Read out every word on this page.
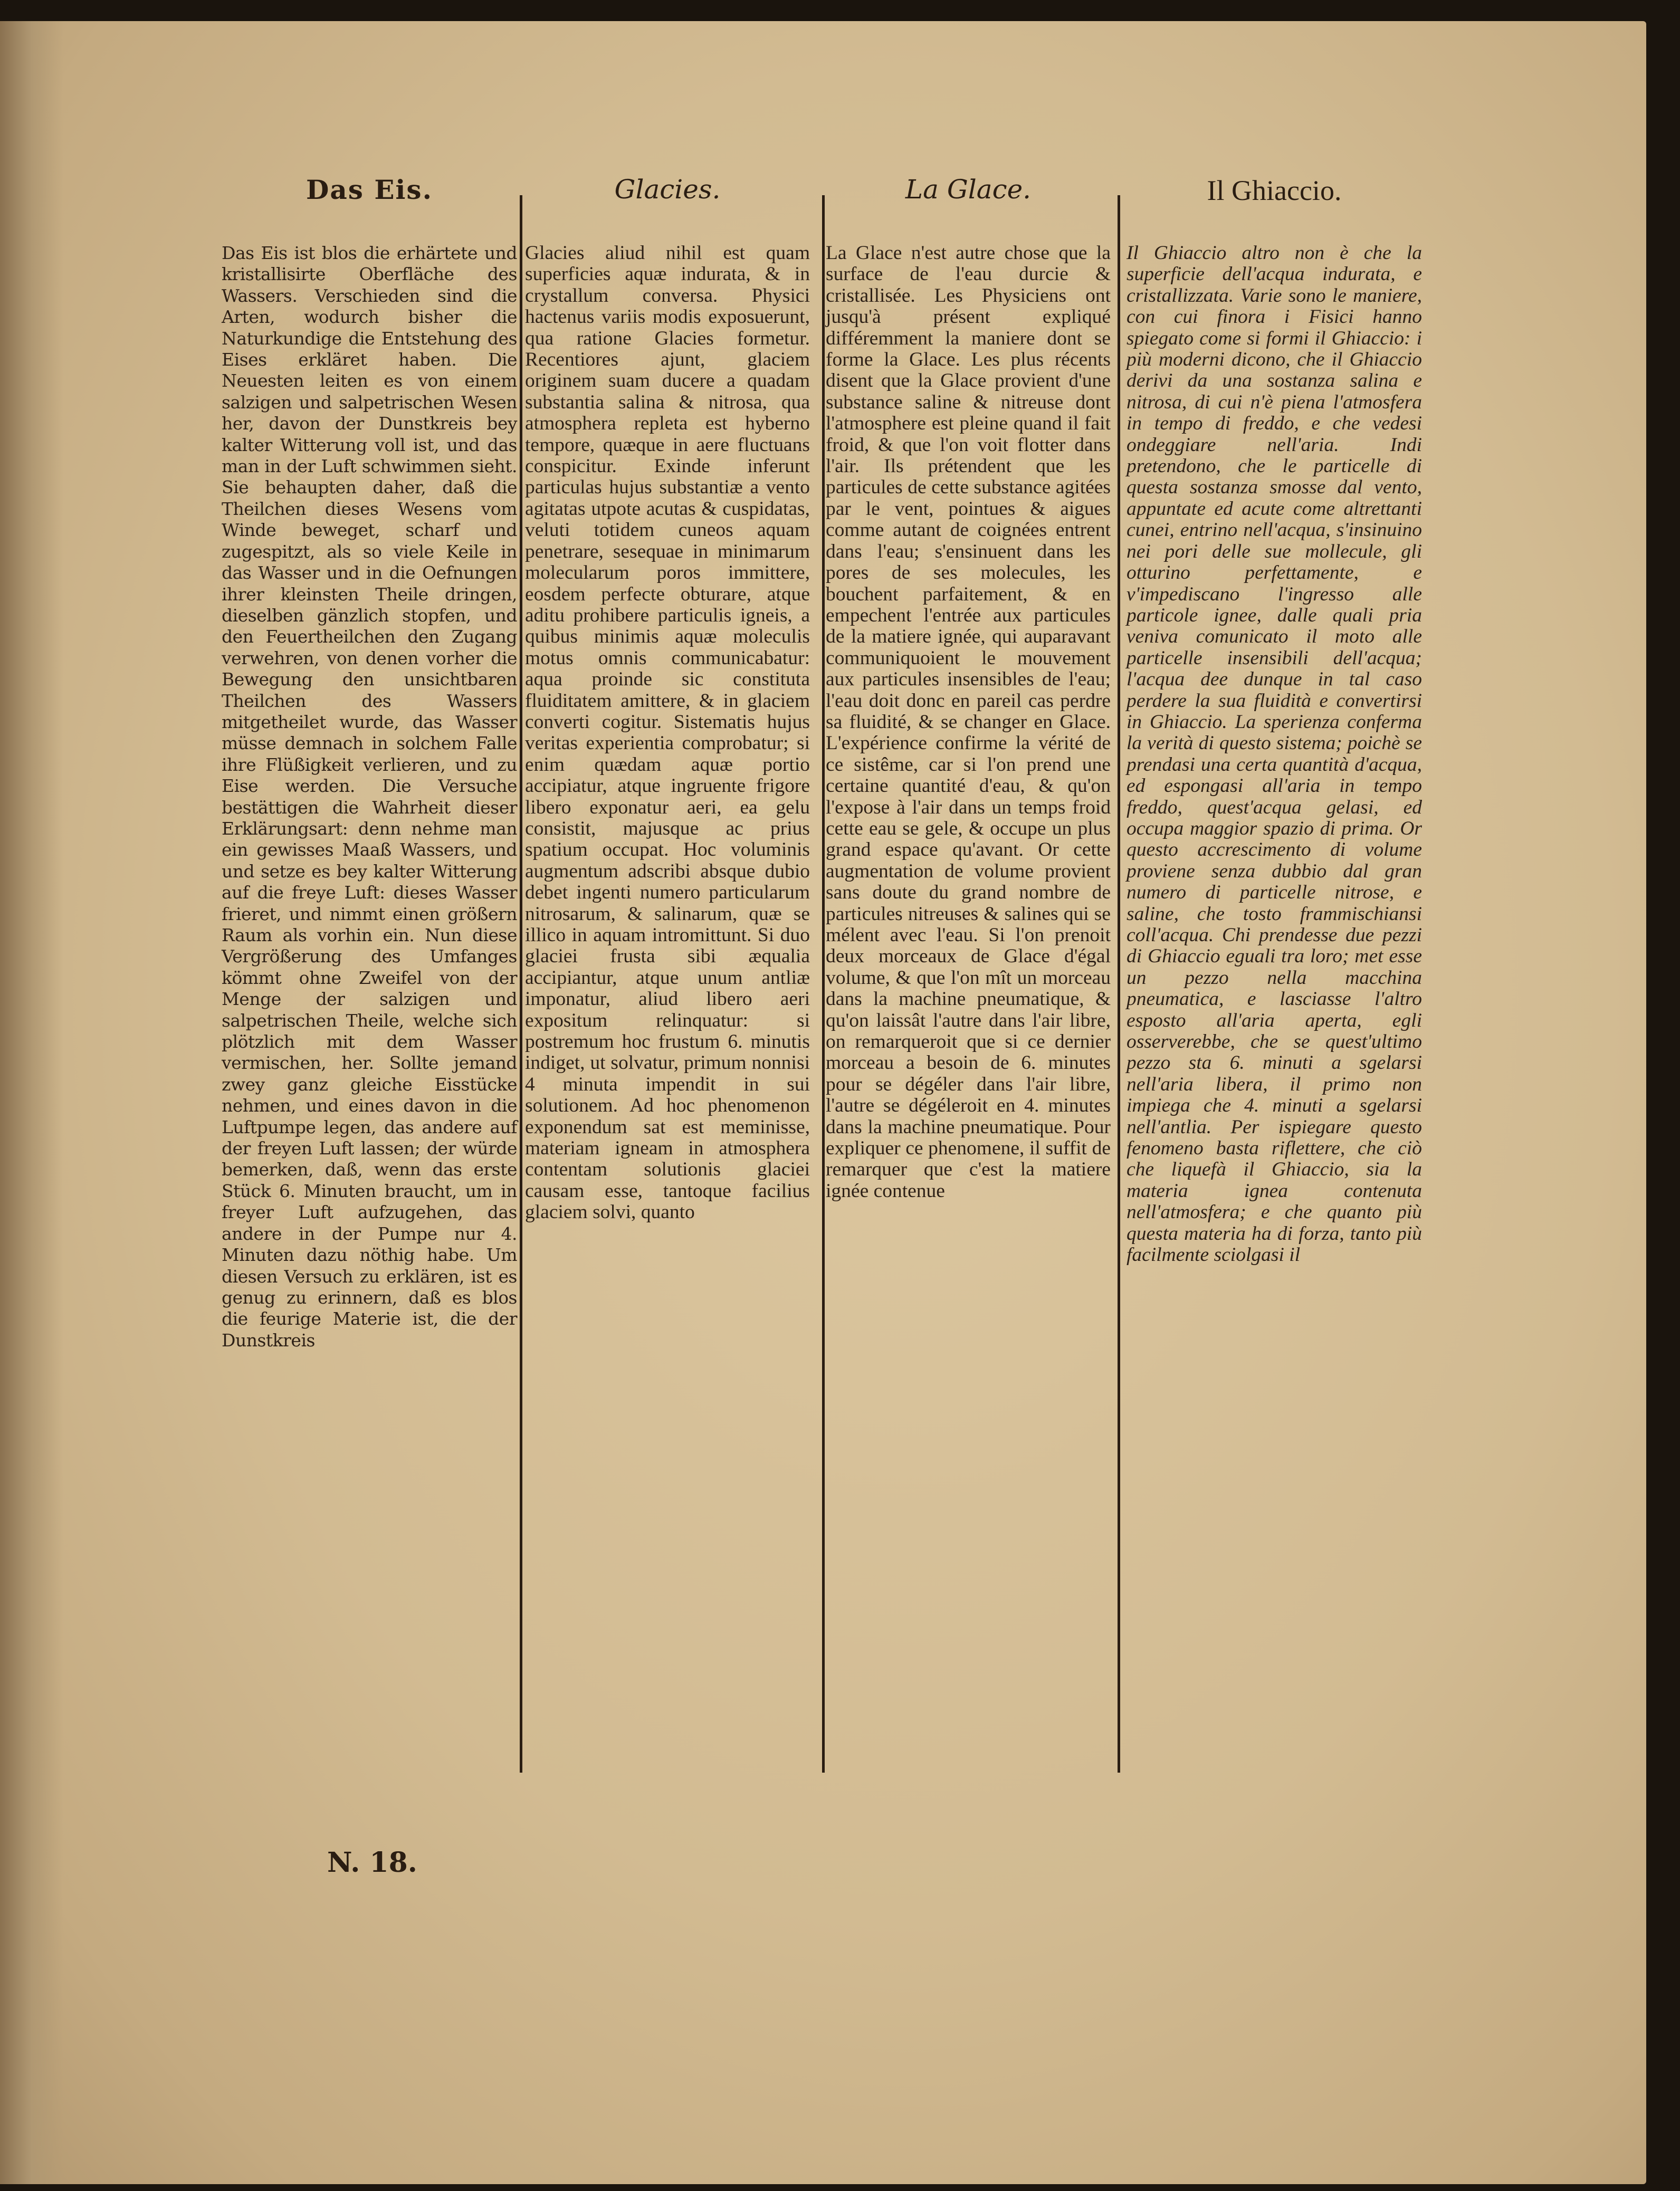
Das Eis.
Das Eis ist blos die erhärtete und kristallisirte Oberfläche des Wassers. Verschieden sind die Arten, wodurch bisher die Naturkundige die Entstehung des Eises erkläret haben. Die Neuesten leiten es von einem salzigen und salpetrischen Wesen her, davon der Dunstkreis bey kalter Witterung voll ist, und das man in der Luft schwimmen sieht. Sie behaupten daher, daß die Theilchen dieses Wesens vom Winde beweget, scharf und zugespitzt, als so viele Keile in das Wasser und in die Oefnungen ihrer kleinsten Theile dringen, dieselben gänzlich stopfen, und den Feuertheilchen den Zugang verwehren, von denen vorher die Bewegung den unsichtbaren Theilchen des Wassers mitgetheilet wurde, das Wasser müsse demnach in solchem Falle ihre Flüßigkeit verlieren, und zu Eise werden. Die Versuche bestättigen die Wahrheit dieser Erklärungsart: denn nehme man ein gewisses Maaß Wassers, und und setze es bey kalter Witterung auf die freye Luft: dieses Wasser frieret, und nimmt einen größern Raum als vorhin ein. Nun diese Vergrößerung des Umfanges kömmt ohne Zweifel von der Menge der salzigen und salpetrischen Theile, welche sich plötzlich mit dem Wasser vermischen, her. Sollte jemand zwey ganz gleiche Eisstücke nehmen, und eines davon in die Luftpumpe legen, das andere auf der freyen Luft lassen; der würde bemerken, daß, wenn das erste Stück 6. Minuten braucht, um in freyer Luft aufzugehen, das andere in der Pumpe nur 4. Minuten dazu nöthig habe. Um diesen Versuch zu erklären, ist es genug zu erinnern, daß es blos die feurige Materie ist, die der Dunstkreis
Glacies.
Glacies aliud nihil est quam superficies aquæ indurata, & in crystallum conversa. Physici hactenus variis modis exposuerunt, qua ratione Glacies formetur. Recentiores ajunt, glaciem originem suam ducere a quadam substantia salina & nitrosa, qua atmosphera repleta est hyberno tempore, quæque in aere fluctuans conspicitur. Exinde inferunt particulas hujus substantiæ a vento agitatas utpote acutas & cuspidatas, veluti totidem cuneos aquam penetrare, sesequae in minimarum molecularum poros immittere, eosdem perfecte obturare, atque aditu prohibere particulis igneis, a quibus minimis aquæ moleculis motus omnis communicabatur: aqua proinde sic constituta fluiditatem amittere, & in glaciem converti cogitur. Sistematis hujus veritas experientia comprobatur; si enim quædam aquæ portio accipiatur, atque ingruente frigore libero exponatur aeri, ea gelu consistit, majusque ac prius spatium occupat. Hoc voluminis augmentum adscribi absque dubio debet ingenti numero particularum nitrosarum, & salinarum, quæ se illico in aquam intromittunt. Si duo glaciei frusta sibi æqualia accipiantur, atque unum antliæ imponatur, aliud libero aeri expositum relinquatur: si postremum hoc frustum 6. minutis indiget, ut solvatur, primum nonnisi 4 minuta impendit in sui solutionem. Ad hoc phenomenon exponendum sat est meminisse, materiam igneam in atmosphera contentam solutionis glaciei causam esse, tantoque facilius glaciem solvi, quanto
La Glace.
La Glace n'est autre chose que la surface de l'eau durcie & cristallisée. Les Physiciens ont jusqu'à présent expliqué différemment la maniere dont se forme la Glace. Les plus récents disent que la Glace provient d'une substance saline & nitreuse dont l'atmosphere est pleine quand il fait froid, & que l'on voit flotter dans l'air. Ils prétendent que les particules de cette substance agitées par le vent, pointues & aigues comme autant de coignées entrent dans l'eau; s'ensinuent dans les pores de ses molecules, les bouchent parfaitement, & en empechent l'entrée aux particules de la matiere ignée, qui auparavant communiquoient le mouvement aux particules insensibles de l'eau; l'eau doit donc en pareil cas perdre sa fluidité, & se changer en Glace. L'expérience confirme la vérité de ce sistême, car si l'on prend une certaine quantité d'eau, & qu'on l'expose à l'air dans un temps froid cette eau se gele, & occupe un plus grand espace qu'avant. Or cette augmentation de volume provient sans doute du grand nombre de particules nitreuses & salines qui se mélent avec l'eau. Si l'on prenoit deux morceaux de Glace d'égal volume, & que l'on mît un morceau dans la machine pneumatique, & qu'on laissât l'autre dans l'air libre, on remarqueroit que si ce dernier morceau a besoin de 6. minutes pour se dégéler dans l'air libre, l'autre se dégéleroit en 4. minutes dans la machine pneumatique. Pour expliquer ce phenomene, il suffit de remarquer que c'est la matiere ignée contenue
Il Ghiaccio.
Il Ghiaccio altro non è che la superficie dell'acqua indurata, e cristallizzata. Varie sono le maniere, con cui finora i Fisici hanno spiegato come si formi il Ghiaccio: i più moderni dicono, che il Ghiaccio derivi da una sostanza salina e nitrosa, di cui n'è piena l'atmosfera in tempo di freddo, e che vedesi ondeggiare nell'aria. Indi pretendono, che le particelle di questa sostanza smosse dal vento, appuntate ed acute come altrettanti cunei, entrino nell'acqua, s'insinuino nei pori delle sue mollecule, gli otturino perfettamente, e v'impediscano l'ingresso alle particole ignee, dalle quali pria veniva comunicato il moto alle particelle insensibili dell'acqua; l'acqua dee dunque in tal caso perdere la sua fluidità e convertirsi in Ghiaccio. La sperienza conferma la verità di questo sistema; poichè se prendasi una certa quantità d'acqua, ed espongasi all'aria in tempo freddo, quest'acqua gelasi, ed occupa maggior spazio di prima. Or questo accrescimento di volume proviene senza dubbio dal gran numero di particelle nitrose, e saline, che tosto frammischiansi coll'acqua. Chi prendesse due pezzi di Ghiaccio eguali tra loro; met esse un pezzo nella macchina pneumatica, e lasciasse l'altro esposto all'aria aperta, egli osserverebbe, che se quest'ultimo pezzo sta 6. minuti a sgelarsi nell'aria libera, il primo non impiega che 4. minuti a sgelarsi nell'antlia. Per ispiegare questo fenomeno basta riflettere, che ciò che liquefà il Ghiaccio, sia la materia ignea contenuta nell'atmosfera; e che quanto più questa materia ha di forza, tanto più facilmente sciolgasi il
N. 18.
